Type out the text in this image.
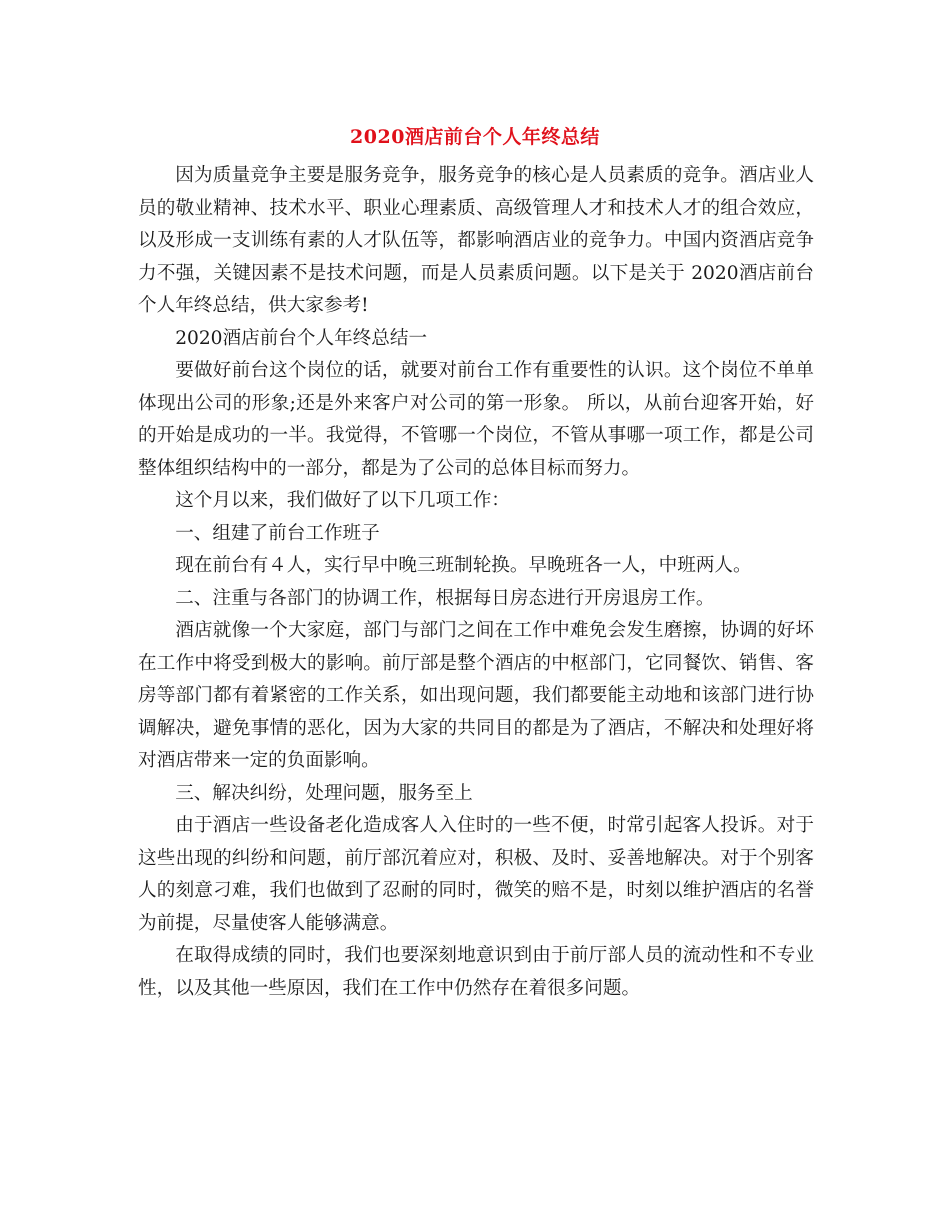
2020酒店前台个人年终总结

因为质量竞争主要是服务竞争，服务竞争的核心是人员素质的竞争。酒店业人员的敬业精神、技术水平、职业心理素质、高级管理人才和技术人才的组合效应，以及形成一支训练有素的人才队伍等，都影响酒店业的竞争力。中国内资酒店竞争力不强，关键因素不是技术问题，而是人员素质问题。以下是关于 2020酒店前台个人年终总结，供大家参考!

2020酒店前台个人年终总结一

要做好前台这个岗位的话，就要对前台工作有重要性的认识。这个岗位不单单体现出公司的形象;还是外来客户对公司的第一形象。 所以，从前台迎客开始，好的开始是成功的一半。我觉得，不管哪一个岗位，不管从事哪一项工作，都是公司整体组织结构中的一部分，都是为了公司的总体目标而努力。

这个月以来，我们做好了以下几项工作：

一、组建了前台工作班子

现在前台有４人，实行早中晚三班制轮换。早晚班各一人，中班两人。

二、注重与各部门的协调工作，根据每日房态进行开房退房工作。

酒店就像一个大家庭，部门与部门之间在工作中难免会发生磨擦，协调的好坏在工作中将受到极大的影响。前厅部是整个酒店的中枢部门，它同餐饮、销售、客房等部门都有着紧密的工作关系，如出现问题，我们都要能主动地和该部门进行协调解决，避免事情的恶化，因为大家的共同目的都是为了酒店，不解决和处理好将对酒店带来一定的负面影响。

三、解决纠纷，处理问题，服务至上

由于酒店一些设备老化造成客人入住时的一些不便，时常引起客人投诉。对于这些出现的纠纷和问题，前厅部沉着应对，积极、及时、妥善地解决。对于个别客人的刻意刁难，我们也做到了忍耐的同时，微笑的赔不是，时刻以维护酒店的名誉为前提，尽量使客人能够满意。

在取得成绩的同时，我们也要深刻地意识到由于前厅部人员的流动性和不专业性，以及其他一些原因，我们在工作中仍然存在着很多问题。
